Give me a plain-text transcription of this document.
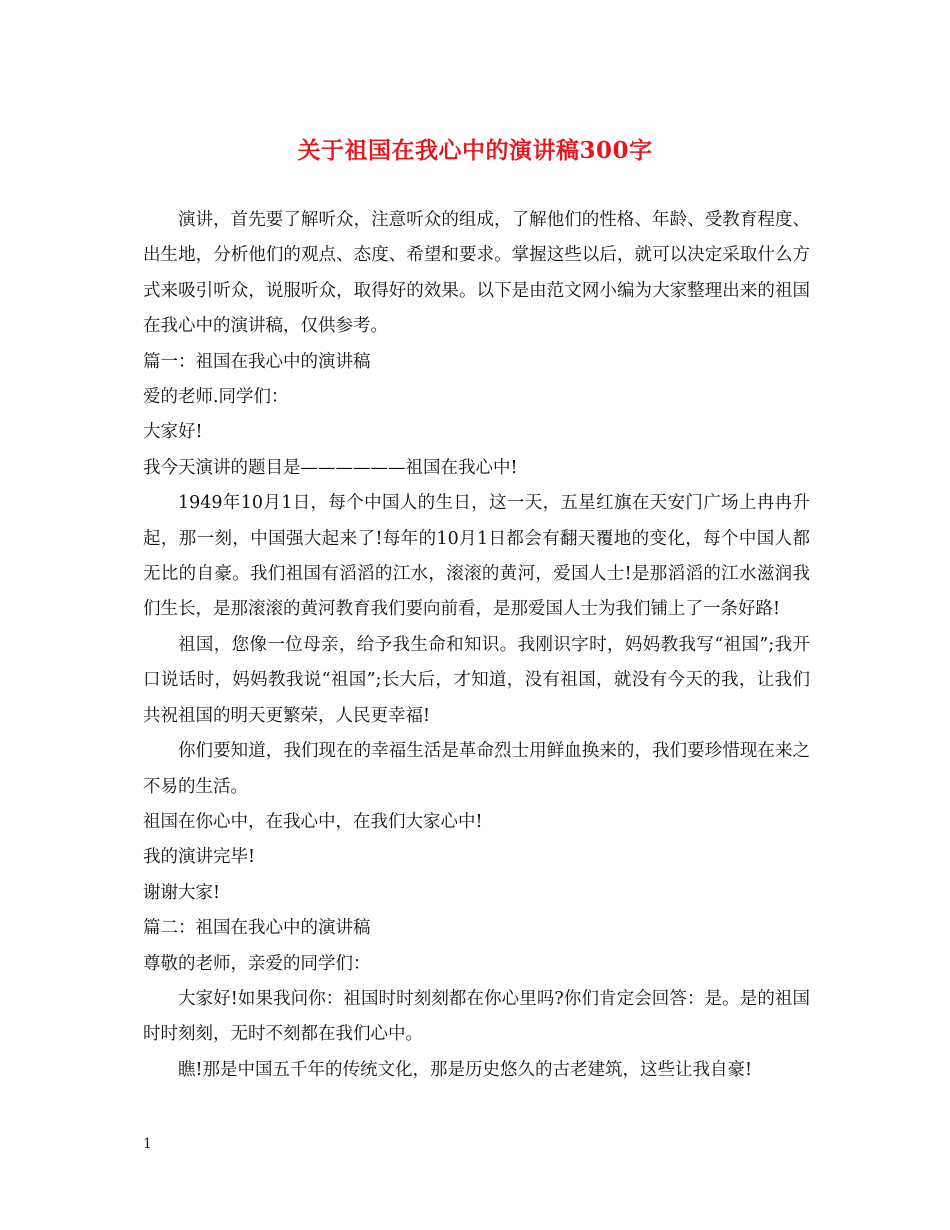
关于祖国在我心中的演讲稿300字

演讲，首先要了解听众，注意听众的组成，了解他们的性格、年龄、受教育程度、出生地，分析他们的观点、态度、希望和要求。掌握这些以后，就可以决定采取什么方式来吸引听众，说服听众，取得好的效果。以下是由范文网小编为大家整理出来的祖国在我心中的演讲稿，仅供参考。

篇一：祖国在我心中的演讲稿

爱的老师.同学们：

大家好!

我今天演讲的题目是——————祖国在我心中!

1949年10月1日，每个中国人的生日，这一天，五星红旗在天安门广场上冉冉升起，那一刻，中国强大起来了!每年的10月1日都会有翻天覆地的变化，每个中国人都无比的自豪。我们祖国有滔滔的江水，滚滚的黄河，爱国人士!是那滔滔的江水滋润我们生长，是那滚滚的黄河教育我们要向前看，是那爱国人士为我们铺上了一条好路!

祖国，您像一位母亲，给予我生命和知识。我刚识字时，妈妈教我写“祖国”;我开口说话时，妈妈教我说“祖国”;长大后，才知道，没有祖国，就没有今天的我，让我们共祝祖国的明天更繁荣，人民更幸福!

你们要知道，我们现在的幸福生活是革命烈士用鲜血换来的，我们要珍惜现在来之不易的生活。

祖国在你心中，在我心中，在我们大家心中!

我的演讲完毕!

谢谢大家!

篇二：祖国在我心中的演讲稿

尊敬的老师，亲爱的同学们：

大家好!如果我问你：祖国时时刻刻都在你心里吗?你们肯定会回答：是。是的祖国时时刻刻，无时不刻都在我们心中。

瞧!那是中国五千年的传统文化，那是历史悠久的古老建筑，这些让我自豪!

1
